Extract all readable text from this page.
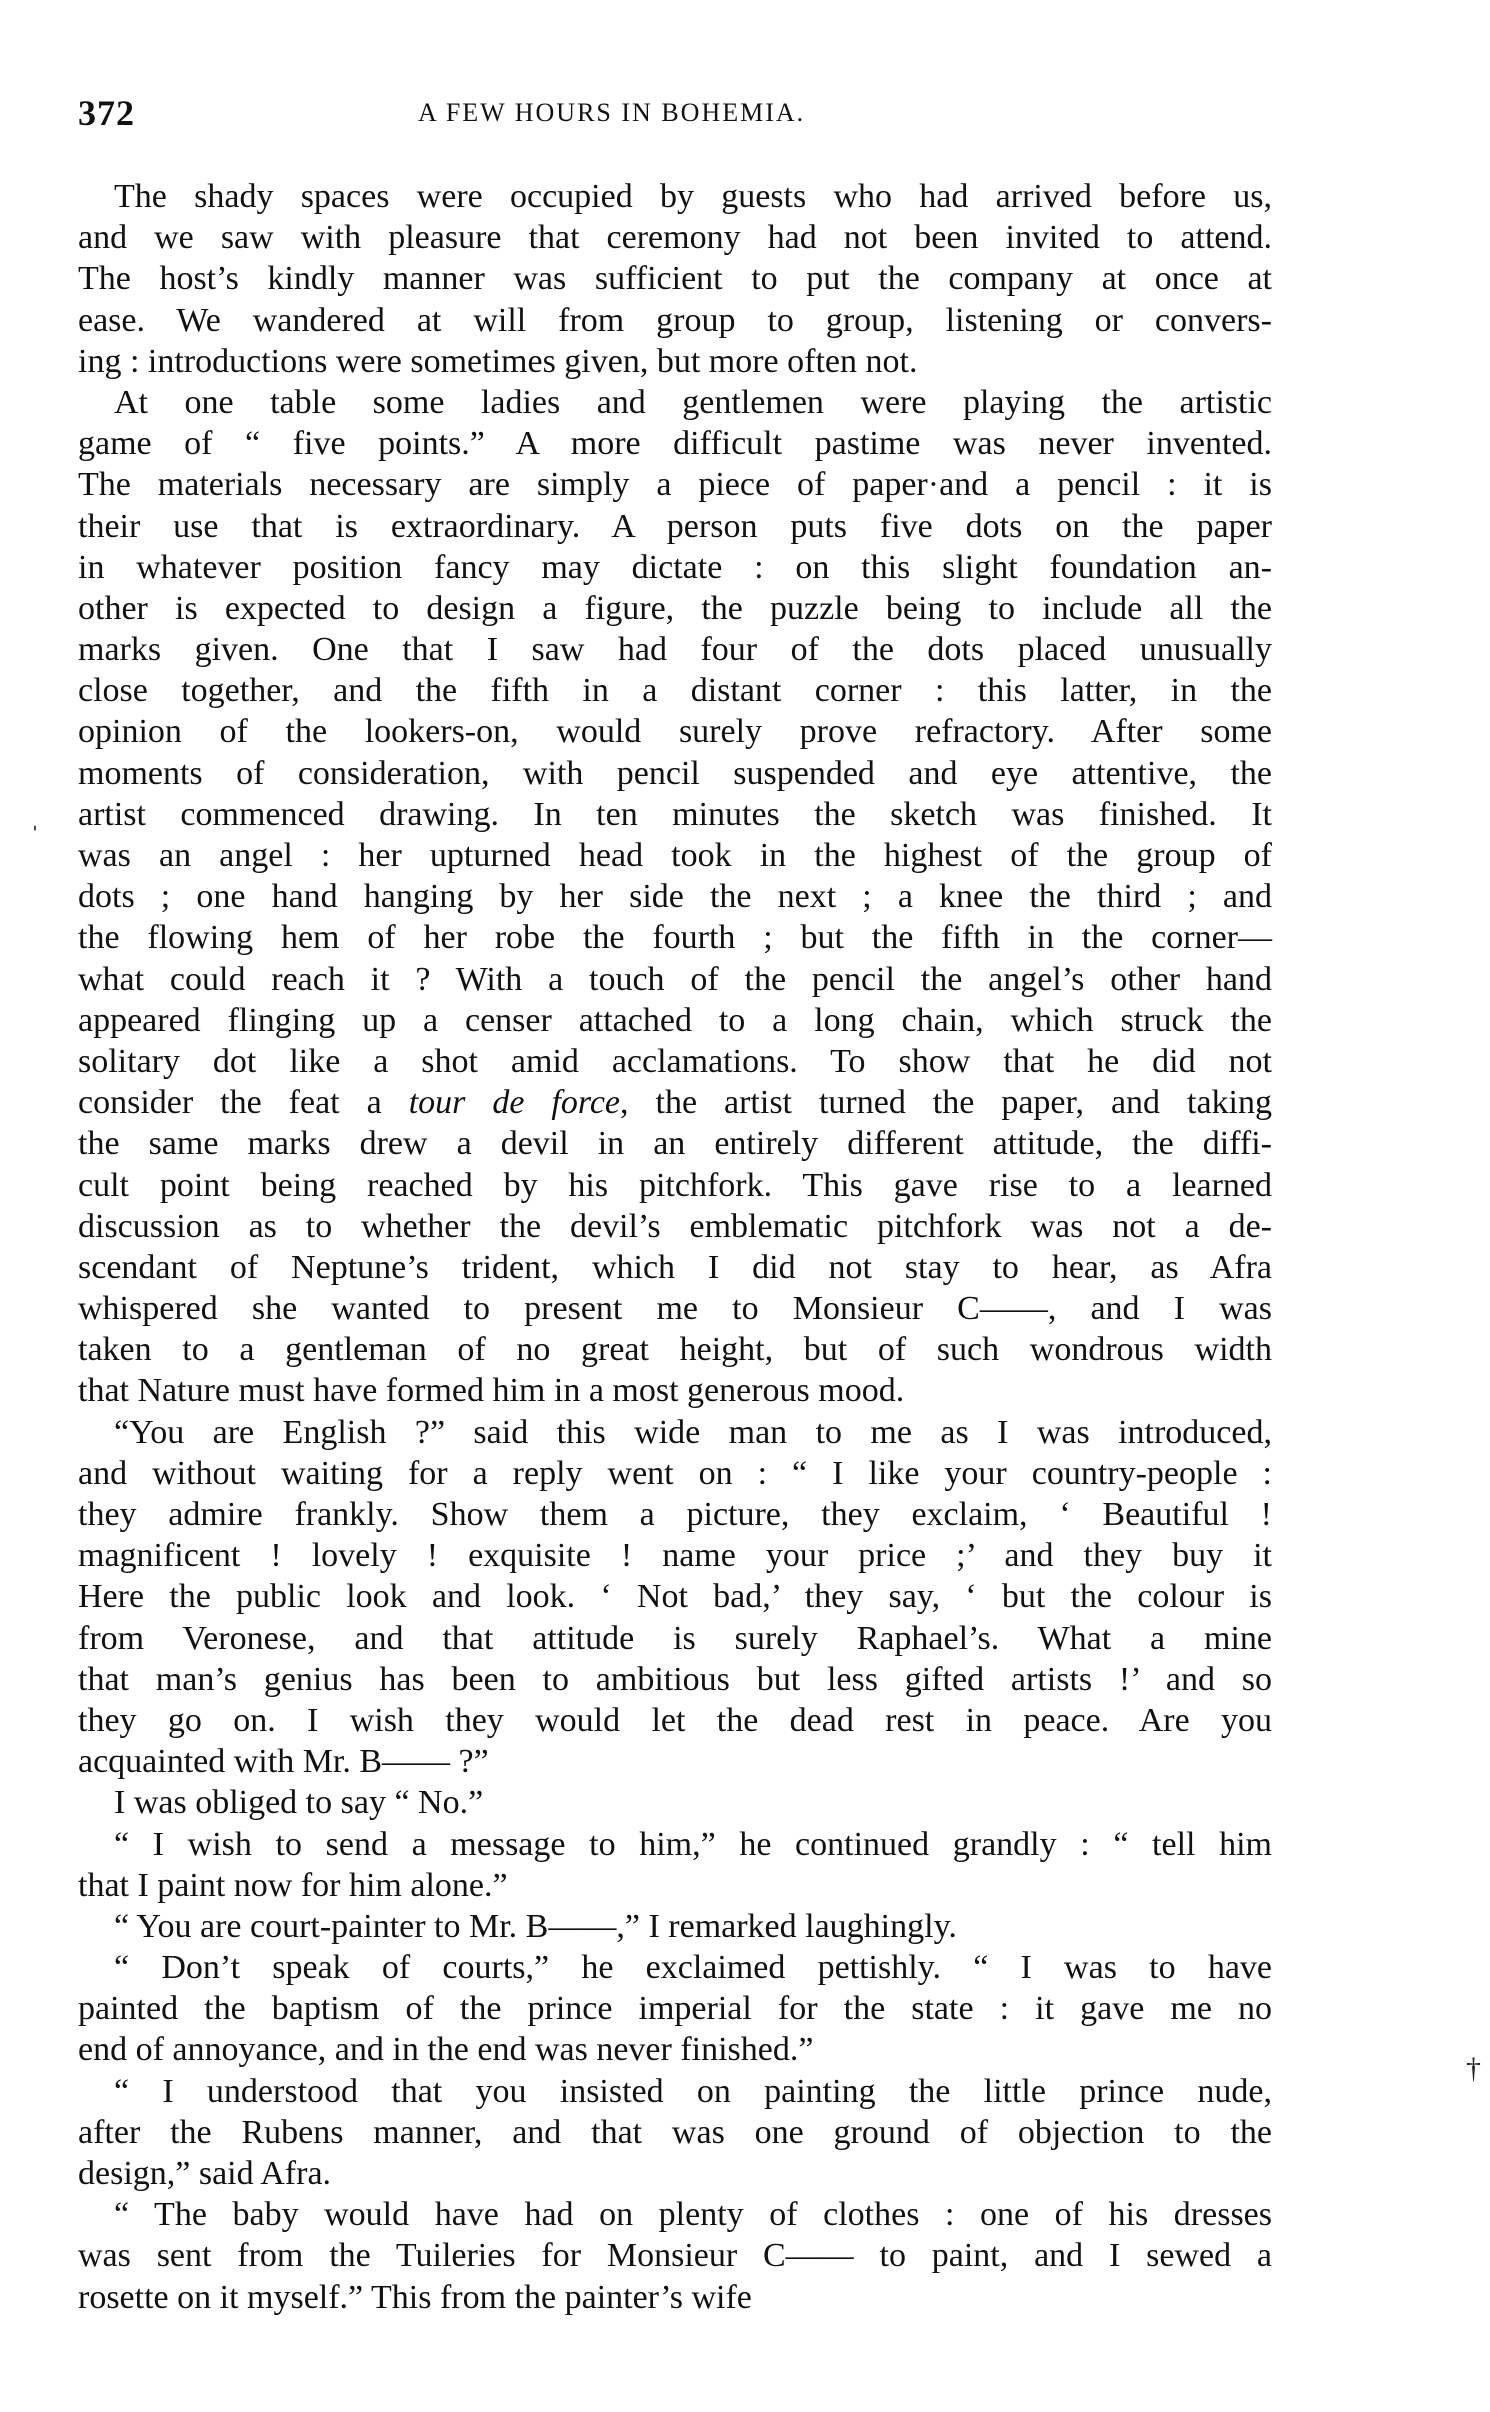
372	A FEW HOURS IN BOHEMIA.
ˌ
†
The shady spaces were occupied by guests who had arrived before us,
and we saw with pleasure that ceremony had not been invited to attend.
The host’s kindly manner was sufficient to put the company at once at
ease. We wandered at will from group to group, listening or convers-
ing : introductions were sometimes given, but more often not.
At one table some ladies and gentlemen were playing the artistic
game of “ five points.” A more difficult pastime was never invented.
The materials necessary are simply a piece of paper·and a pencil : it is
their use that is extraordinary. A person puts five dots on the paper
in whatever position fancy may dictate : on this slight foundation an-
other is expected to design a figure, the puzzle being to include all the
marks given. One that I saw had four of the dots placed unusually
close together, and the fifth in a distant corner : this latter, in the
opinion of the lookers-on, would surely prove refractory. After some
moments of consideration, with pencil suspended and eye attentive, the
artist commenced drawing. In ten minutes the sketch was finished. It
was an angel : her upturned head took in the highest of the group of
dots ; one hand hanging by her side the next ; a knee the third ; and
the flowing hem of her robe the fourth ; but the fifth in the corner—
what could reach it ? With a touch of the pencil the angel’s other hand
appeared flinging up a censer attached to a long chain, which struck the
solitary dot like a shot amid acclamations. To show that he did not
consider the feat a tour de force, the artist turned the paper, and taking
the same marks drew a devil in an entirely different attitude, the diffi-
cult point being reached by his pitchfork. This gave rise to a learned
discussion as to whether the devil’s emblematic pitchfork was not a de-
scendant of Neptune’s trident, which I did not stay to hear, as Afra
whispered she wanted to present me to Monsieur C——, and I was
taken to a gentleman of no great height, but of such wondrous width
that Nature must have formed him in a most generous mood.
“You are English ?” said this wide man to me as I was introduced,
and without waiting for a reply went on : “ I like your country-people :
they admire frankly. Show them a picture, they exclaim, ‘ Beautiful !
magnificent ! lovely ! exquisite ! name your price ;’ and they buy it
Here the public look and look. ‘ Not bad,’ they say, ‘ but the colour is
from Veronese, and that attitude is surely Raphael’s. What a mine
that man’s genius has been to ambitious but less gifted artists !’ and so
they go on. I wish they would let the dead rest in peace. Are you
acquainted with Mr. B—— ?”
I was obliged to say “ No.”
“ I wish to send a message to him,” he continued grandly : “ tell him
that I paint now for him alone.”
“ You are court-painter to Mr. B——,” I remarked laughingly.
“ Don’t speak of courts,” he exclaimed pettishly. “ I was to have
painted the baptism of the prince imperial for the state : it gave me no
end of annoyance, and in the end was never finished.”
“ I understood that you insisted on painting the little prince nude,
after the Rubens manner, and that was one ground of objection to the
design,” said Afra.
“ The baby would have had on plenty of clothes : one of his dresses
was sent from the Tuileries for Monsieur C—— to paint, and I sewed a
rosette on it myself.” This from the painter’s wife
